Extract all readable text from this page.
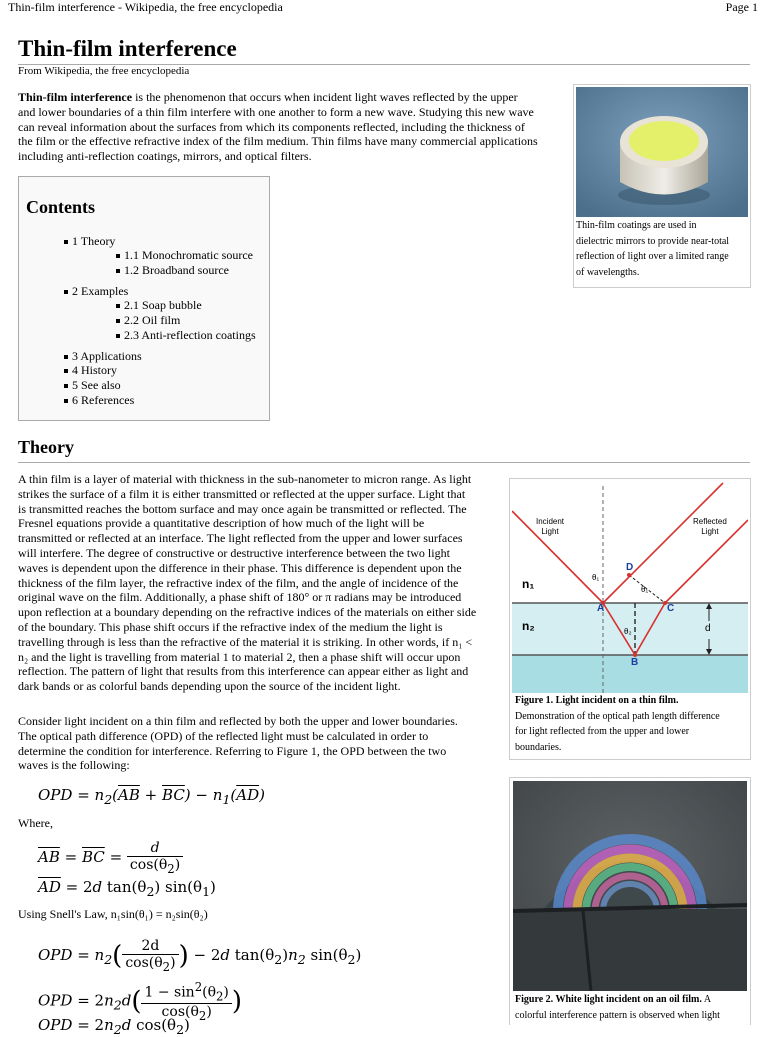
Thin-film interference - Wikipedia, the free encyclopedia	Page 1
Thin-film interference
From Wikipedia, the free encyclopedia
Thin-film interference is the phenomenon that occurs when incident light waves reflected by the upper
and lower boundaries of a thin film interfere with one another to form a new wave. Studying this new wave
can reveal information about the surfaces from which its components reflected, including the thickness of
the film or the effective refractive index of the film medium. Thin films have many commercial applications
including anti-reflection coatings, mirrors, and optical filters.
Thin-film coatings are used in
dielectric mirrors to provide near-total
reflection of light over a limited range
of wavelengths.
Contents
1 Theory
1.1 Monochromatic source
1.2 Broadband source
2 Examples
2.1 Soap bubble
2.2 Oil film
2.3 Anti-reflection coatings
3 Applications
4 History
5 See also
6 References
Theory
A thin film is a layer of material with thickness in the sub-nanometer to micron range. As light
strikes the surface of a film it is either transmitted or reflected at the upper surface. Light that
is transmitted reaches the bottom surface and may once again be transmitted or reflected. The
Fresnel equations provide a quantitative description of how much of the light will be
transmitted or reflected at an interface. The light reflected from the upper and lower surfaces
will interfere. The degree of constructive or destructive interference between the two light
waves is dependent upon the difference in their phase. This difference is dependent upon the
thickness of the film layer, the refractive index of the film, and the angle of incidence of the
original wave on the film. Additionally, a phase shift of 180° or π radians may be introduced
upon reflection at a boundary depending on the refractive indices of the materials on either side
of the boundary. This phase shift occurs if the refractive index of the medium the light is
travelling through is less than the refractive of the material it is striking. In other words, if n₁ <
n₂ and the light is travelling from material 1 to material 2, then a phase shift will occur upon
reflection. The pattern of light that results from this interference can appear either as light and
dark bands or as colorful bands depending upon the source of the incident light.
Consider light incident on a thin film and reflected by both the upper and lower boundaries.
The optical path difference (OPD) of the reflected light must be calculated in order to
determine the condition for interference. Referring to Figure 1, the OPD between the two
waves is the following:
OPD = $n_2(\overline{AB} + \overline{BC}) - n_1(\overline{AD})$
Where,
$\overline{AB} = \overline{BC} = \frac{d}{\cos(\theta_2)}$
$\overline{AD} = 2d$ $\tan(\theta_2)$ $\sin(\theta_1)$
Using Snell's Law, n₁sin(θ₁) = n₂sin(θ₂)
OPD = $n_2( \frac{2d}{\cos(\theta_2)}$ ) − 2d $\tan(\theta_2)n_2$ $\sin(\theta_2)$
OPD = $2n_2d( \frac{1 - \sin^2(\theta_2)}{\cos(\theta_2)}$ )
OPD = $2n_2d$ $\cos(\theta_2)$
Incident
Light
Reflected
Light
n₁
n₂
A
B
C
D
d
θ₁
θ₁
θ₂
Figure 1. Light incident on a thin film.
Demonstration of the optical path length difference
for light reflected from the upper and lower
boundaries.
Figure 2. White light incident on an oil film. A
colorful interference pattern is observed when light
